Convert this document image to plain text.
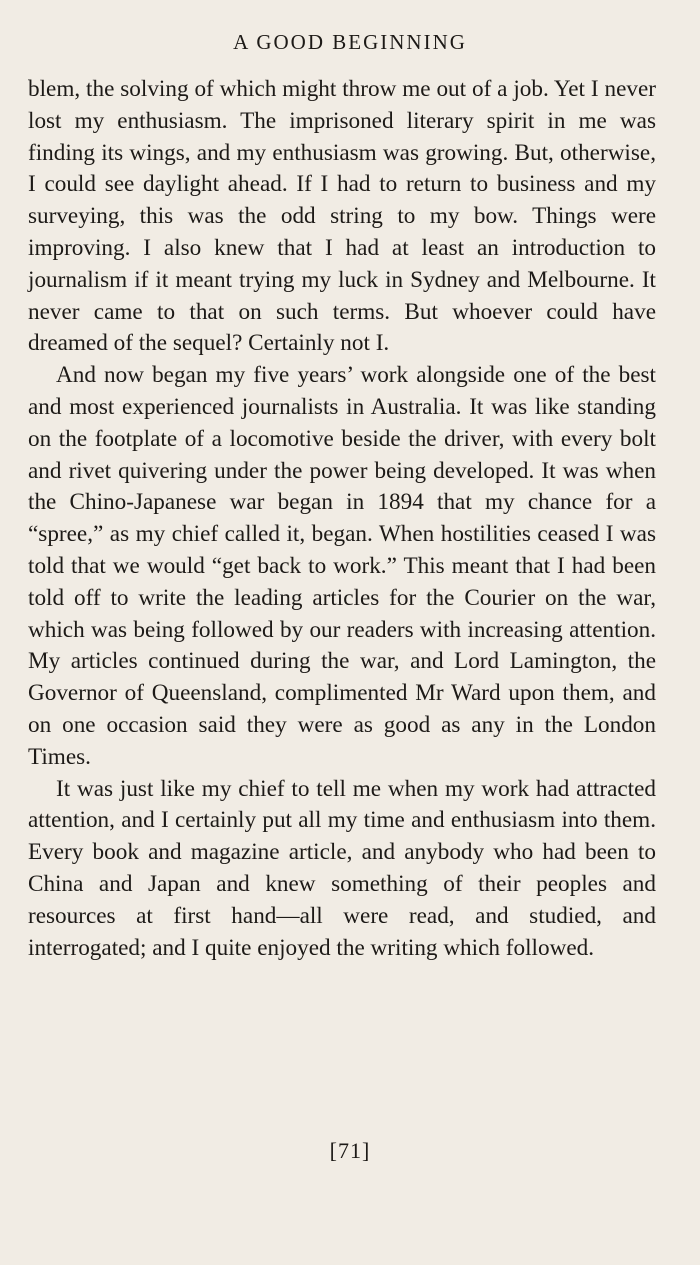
A GOOD BEGINNING

blem, the solving of which might throw me out of a job. Yet I never lost my enthusiasm. The imprisoned literary spirit in me was finding its wings, and my enthusiasm was growing. But, otherwise, I could see daylight ahead. If I had to return to business and my surveying, this was the odd string to my bow. Things were improving. I also knew that I had at least an introduction to journalism if it meant trying my luck in Sydney and Melbourne. It never came to that on such terms. But whoever could have dreamed of the sequel? Certainly not I.

And now began my five years’ work alongside one of the best and most experienced journalists in Australia. It was like standing on the footplate of a locomotive beside the driver, with every bolt and rivet quivering under the power being developed. It was when the Chino-Japanese war began in 1894 that my chance for a “spree,” as my chief called it, began. When hostilities ceased I was told that we would “get back to work.” This meant that I had been told off to write the leading articles for the Courier on the war, which was being followed by our readers with increasing attention. My articles continued during the war, and Lord Lamington, the Governor of Queensland, complimented Mr Ward upon them, and on one occasion said they were as good as any in the London Times.

It was just like my chief to tell me when my work had attracted attention, and I certainly put all my time and enthusiasm into them. Every book and magazine article, and anybody who had been to China and Japan and knew something of their peoples and resources at first hand—all were read, and studied, and interrogated; and I quite enjoyed the writing which followed.

[71]
